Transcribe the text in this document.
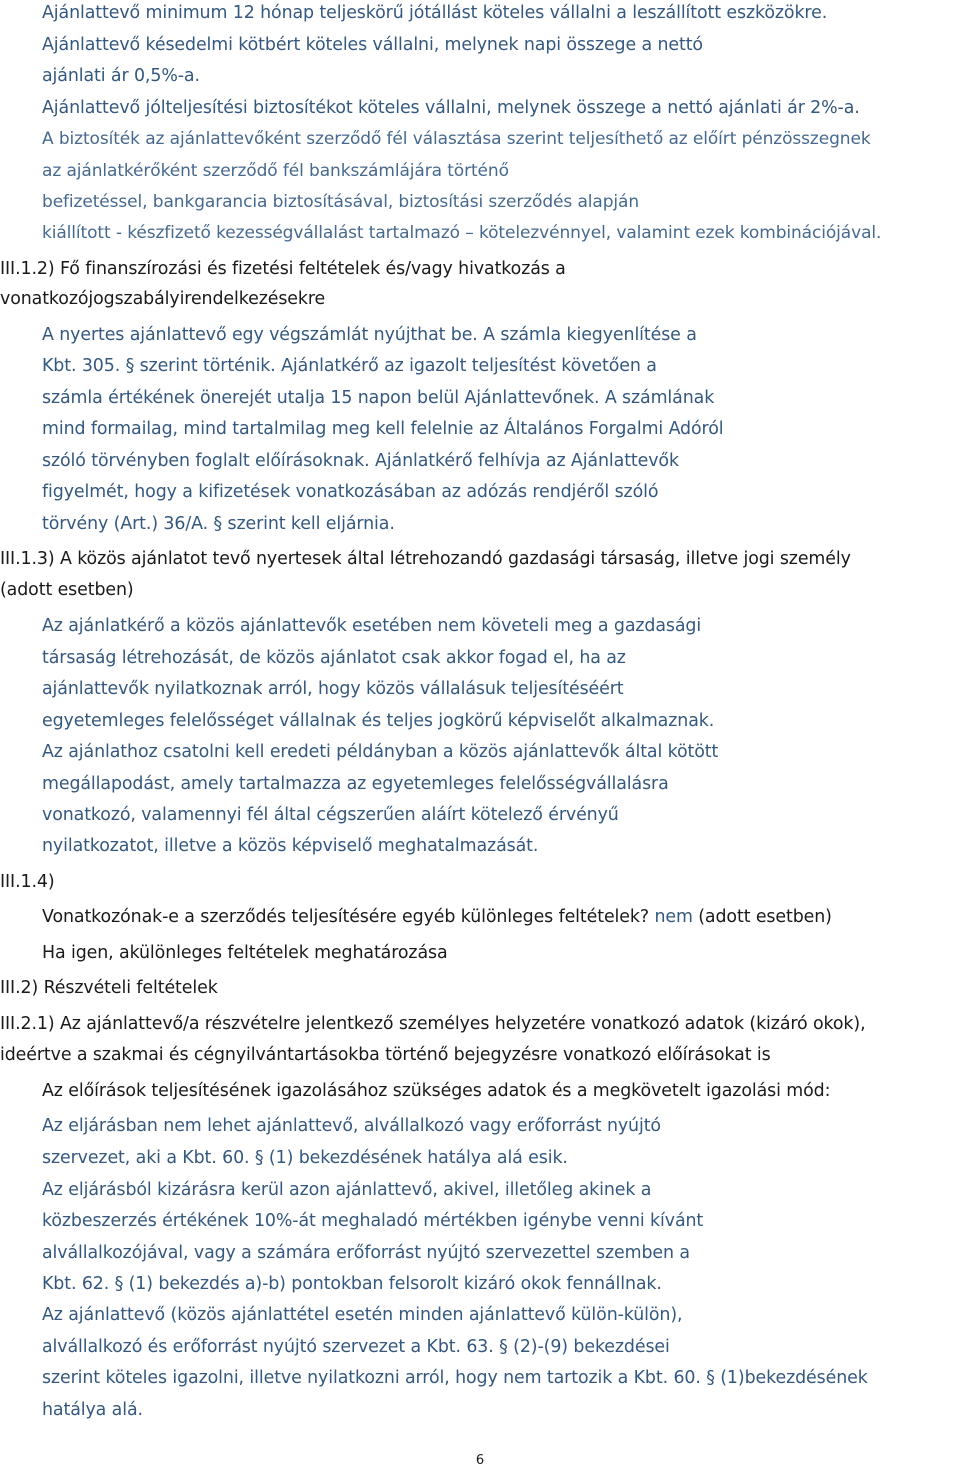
Vonatkozónak-e a szerződés teljesítésére egyéb különleges feltételek? nem (adott esetben)
6
Ajánlattevő minimum 12 hónap teljeskörű jótállást köteles vállalni a leszállított eszközökre.
Ajánlattevő késedelmi kötbért köteles vállalni, melynek napi összege a nettó
ajánlati ár 0,5%-a.
Ajánlattevő jólteljesítési biztosítékot köteles vállalni, melynek összege a nettó ajánlati ár 2%-a.
A biztosíték az ajánlattevőként szerződő fél választása szerint teljesíthető az előírt pénzösszegnek
az ajánlatkérőként szerződő fél bankszámlájára történő
befizetéssel, bankgarancia biztosításával, biztosítási szerződés alapján
kiállított - készfizető kezességvállalást tartalmazó – kötelezvénnyel, valamint ezek kombinációjával.
III.1.2) Fő finanszírozási és fizetési feltételek és/vagy hivatkozás a
vonatkozójogszabályirendelkezésekre
A nyertes ajánlattevő egy végszámlát nyújthat be. A számla kiegyenlítése a
Kbt. 305. § szerint történik. Ajánlatkérő az igazolt teljesítést követően a
számla értékének önerejét utalja 15 napon belül Ajánlattevőnek. A számlának
mind formailag, mind tartalmilag meg kell felelnie az Általános Forgalmi Adóról
szóló törvényben foglalt előírásoknak. Ajánlatkérő felhívja az Ajánlattevők
figyelmét, hogy a kifizetések vonatkozásában az adózás rendjéről szóló
törvény (Art.) 36/A. § szerint kell eljárnia.
III.1.3) A közös ajánlatot tevő nyertesek által létrehozandó gazdasági társaság, illetve jogi személy
(adott esetben)
Az ajánlatkérő a közös ajánlattevők esetében nem követeli meg a gazdasági
társaság létrehozását, de közös ajánlatot csak akkor fogad el, ha az
ajánlattevők nyilatkoznak arról, hogy közös vállalásuk teljesítéséért
egyetemleges felelősséget vállalnak és teljes jogkörű képviselőt alkalmaznak.
Az ajánlathoz csatolni kell eredeti példányban a közös ajánlattevők által kötött
megállapodást, amely tartalmazza az egyetemleges felelősségvállalásra
vonatkozó, valamennyi fél által cégszerűen aláírt kötelező érvényű
nyilatkozatot, illetve a közös képviselő meghatalmazását.
III.1.4)
Ha igen, akülönleges feltételek meghatározása
III.2) Részvételi feltételek
III.2.1) Az ajánlattevő/a részvételre jelentkező személyes helyzetére vonatkozó adatok (kizáró okok),
ideértve a szakmai és cégnyilvántartásokba történő bejegyzésre vonatkozó előírásokat is
Az előírások teljesítésének igazolásához szükséges adatok és a megkövetelt igazolási mód:
Az eljárásban nem lehet ajánlattevő, alvállalkozó vagy erőforrást nyújtó
szervezet, aki a Kbt. 60. § (1) bekezdésének hatálya alá esik.
Az eljárásból kizárásra kerül azon ajánlattevő, akivel, illetőleg akinek a
közbeszerzés értékének 10%-át meghaladó mértékben igénybe venni kívánt
alvállalkozójával, vagy a számára erőforrást nyújtó szervezettel szemben a
Kbt. 62. § (1) bekezdés a)-b) pontokban felsorolt kizáró okok fennállnak.
Az ajánlattevő (közös ajánlattétel esetén minden ajánlattevő külön-külön),
alvállalkozó és erőforrást nyújtó szervezet a Kbt. 63. § (2)-(9) bekezdései
szerint köteles igazolni, illetve nyilatkozni arról, hogy nem tartozik a Kbt. 60. § (1)bekezdésének
hatálya alá.
